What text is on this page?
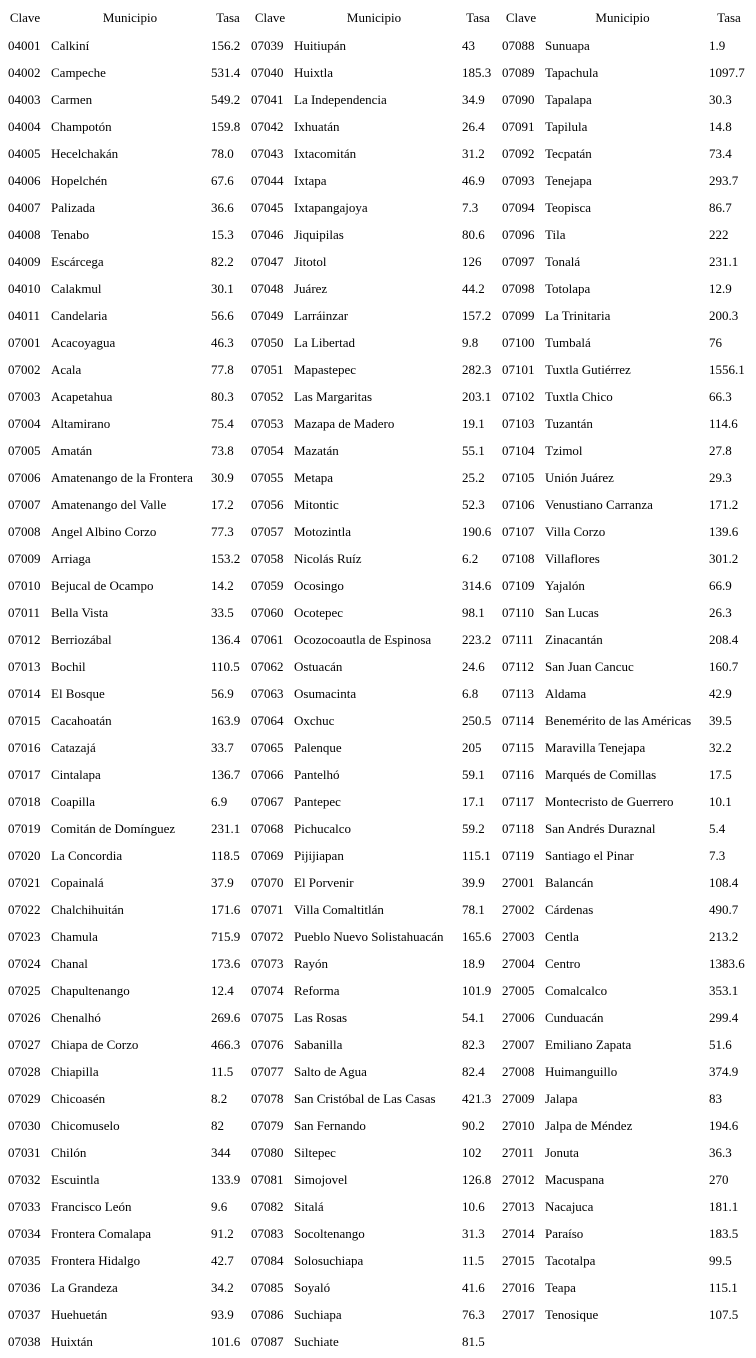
Clave	Municipio	Tasa
04001 Calkiní	156.2
04002 Campeche	531.4
04003 Carmen	549.2
04004 Champotón	159.8
04005 Hecelchakán	78.0
04006 Hopelchén	67.6
04007 Palizada	36.6
04008 Tenabo	15.3
04009 Escárcega	82.2
04010 Calakmul	30.1
04011 Candelaria	56.6
07001 Acacoyagua	46.3
07002 Acala	77.8
07003 Acapetahua	80.3
07004 Altamirano	75.4
07005 Amatán	73.8
07006 Amatenango de la Frontera 30.9
07007 Amatenango del Valle	17.2
07008 Angel Albino Corzo	77.3
07009 Arriaga	153.2
07010 Bejucal de Ocampo	14.2
07011 Bella Vista	33.5
07012 Berriozábal	136.4
07013 Bochil	110.5
07014 El Bosque	56.9
07015 Cacahoatán	163.9
07016 Catazajá	33.7
07017 Cintalapa	136.7
07018 Coapilla	6.9
07019 Comitán de Domínguez	231.1
07020 La Concordia	118.5
07021 Copainalá	37.9
07022 Chalchihuitán	171.6
07023 Chamula	715.9
07024 Chanal	173.6
07025 Chapultenango	12.4
07026 Chenalhó	269.6
07027 Chiapa de Corzo	466.3
07028 Chiapilla	11.5
07029 Chicoasén	8.2
07030 Chicomuselo	82
07031 Chilón	344
07032 Escuintla	133.9
07033 Francisco León	9.6
07034 Frontera Comalapa	91.2
07035 Frontera Hidalgo	42.7
07036 La Grandeza	34.2
07037 Huehuetán	93.9
07038 Huixtán	101.6
Clave	Municipio	Tasa
07039 Huitiupán	43
07040 Huixtla	185.3
07041 La Independencia	34.9
07042 Ixhuatán	26.4
07043 Ixtacomitán	31.2
07044 Ixtapa	46.9
07045 Ixtapangajoya	7.3
07046 Jiquipilas	80.6
07047 Jitotol	126
07048 Juárez	44.2
07049 Larráinzar	157.2
07050 La Libertad	9.8
07051 Mapastepec	282.3
07052 Las Margaritas	203.1
07053 Mazapa de Madero	19.1
07054 Mazatán	55.1
07055 Metapa	25.2
07056 Mitontic	52.3
07057 Motozintla	190.6
07058 Nicolás Ruíz	6.2
07059 Ocosingo	314.6
07060 Ocotepec	98.1
07061 Ocozocoautla de Espinosa 223.2
07062 Ostuacán	24.6
07063 Osumacinta	6.8
07064 Oxchuc	250.5
07065 Palenque	205
07066 Pantelhó	59.1
07067 Pantepec	17.1
07068 Pichucalco	59.2
07069 Pijijiapan	115.1
07070 El Porvenir	39.9
07071 Villa Comaltitlán	78.1
07072 Pueblo Nuevo Solistahuacán 165.6
07073 Rayón	18.9
07074 Reforma	101.9
07075 Las Rosas	54.1
07076 Sabanilla	82.3
07077 Salto de Agua	82.4
07078 San Cristóbal de Las Casas 421.3
07079 San Fernando	90.2
07080 Siltepec	102
07081 Simojovel	126.8
07082 Sitalá	10.6
07083 Socoltenango	31.3
07084 Solosuchiapa	11.5
07085 Soyaló	41.6
07086 Suchiapa	76.3
07087 Suchiate	81.5
Clave	Municipio	Tasa
07088 Sunuapa	1.9
07089 Tapachula	1097.7
07090 Tapalapa	30.3
07091 Tapilula	14.8
07092 Tecpatán	73.4
07093 Tenejapa	293.7
07094 Teopisca	86.7
07096 Tila	222
07097 Tonalá	231.1
07098 Totolapa	12.9
07099 La Trinitaria	200.3
07100 Tumbalá	76
07101 Tuxtla Gutiérrez	1556.1
07102 Tuxtla Chico	66.3
07103 Tuzantán	114.6
07104 Tzimol	27.8
07105 Unión Juárez	29.3
07106 Venustiano Carranza	171.2
07107 Villa Corzo	139.6
07108 Villaflores	301.2
07109 Yajalón	66.9
07110 San Lucas	26.3
07111 Zinacantán	208.4
07112 San Juan Cancuc	160.7
07113 Aldama	42.9
07114 Benemérito de las Américas 39.5
07115 Maravilla Tenejapa	32.2
07116 Marqués de Comillas	17.5
07117 Montecristo de Guerrero	10.1
07118 San Andrés Duraznal	5.4
07119 Santiago el Pinar	7.3
27001 Balancán	108.4
27002 Cárdenas	490.7
27003 Centla	213.2
27004 Centro	1383.6
27005 Comalcalco	353.1
27006 Cunduacán	299.4
27007 Emiliano Zapata	51.6
27008 Huimanguillo	374.9
27009 Jalapa	83
27010 Jalpa de Méndez	194.6
27011 Jonuta	36.3
27012 Macuspana	270
27013 Nacajuca	181.1
27014 Paraíso	183.5
27015 Tacotalpa	99.5
27016 Teapa	115.1
27017 Tenosique	107.5
